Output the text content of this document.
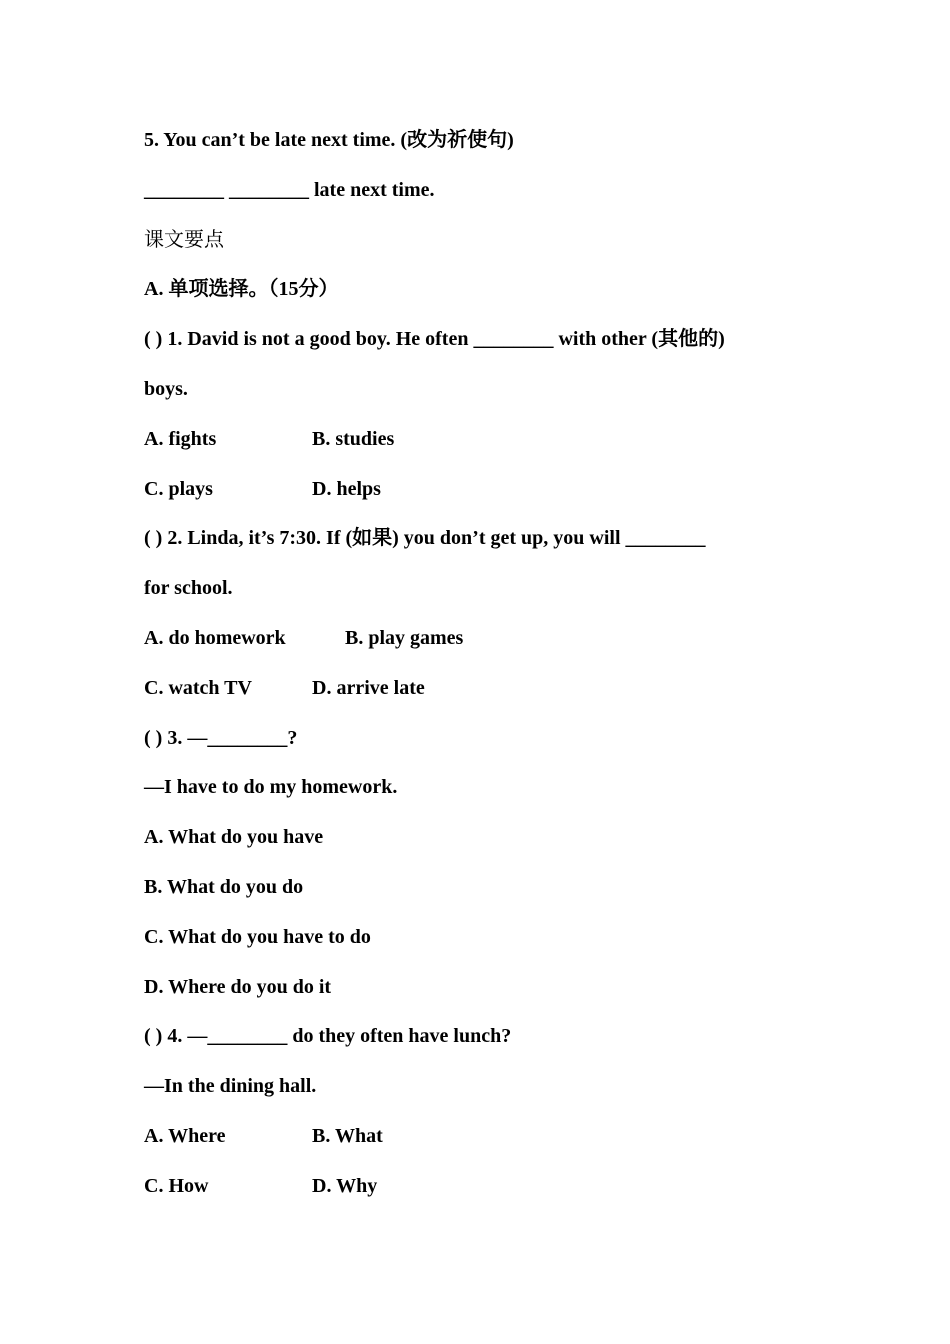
5. You can’t be late next time. (改为祈使句)
________ ________ late next time.
课文要点
A. 单项选择。（15分）
( ) 1. David is not a good boy. He often ________ with other (其他的)
boys.
A. fights	B. studies
C. plays	D. helps
( ) 2. Linda, it’s 7:30. If (如果) you don’t get up, you will ________
for school.
A. do homework	B. play games
C. watch TV	D. arrive late
( ) 3. —________?
—I have to do my homework.
A. What do you have
B. What do you do
C. What do you have to do
D. Where do you do it
( ) 4. —________ do they often have lunch?
—In the dining hall.
A. Where	B. What
C. How	D. Why
